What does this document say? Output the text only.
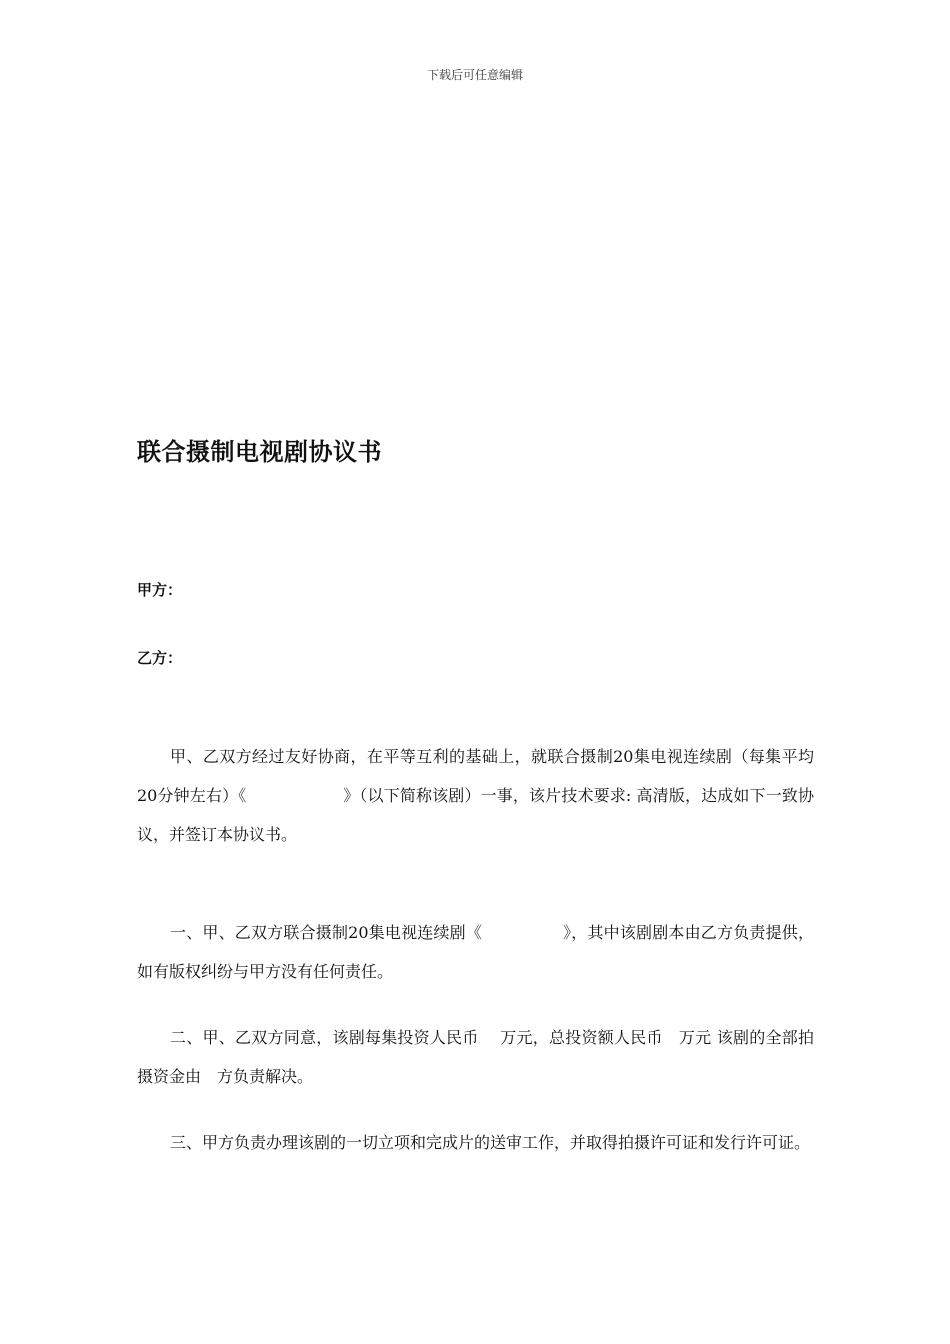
下载后可任意编辑
联合摄制电视剧协议书
甲方：
乙方：

甲、乙双方经过友好协商，在平等互利的基础上，就联合摄制20集电视连续剧（每集平均20分钟左右）《　　　　　　》（以下简称该剧）一事，该片技术要求: 高清版，达成如下一致协议，并签订本协议书。

一、甲、乙双方联合摄制20集电视连续剧《　　　　　》，其中该剧剧本由乙方负责提供，如有版权纠纷与甲方没有任何责任。

二、甲、乙双方同意，该剧每集投资人民币　 万元，总投资额人民币　万元 该剧的全部拍摄资金由　方负责解决。

三、甲方负责办理该剧的一切立项和完成片的送审工作，并取得拍摄许可证和发行许可证。
